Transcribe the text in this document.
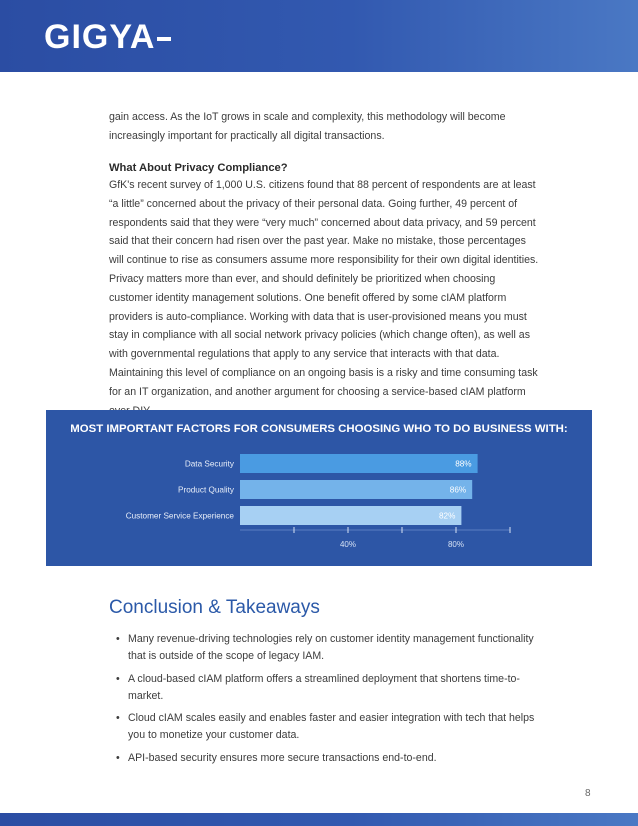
GIGYA
gain access. As the IoT grows in scale and complexity, this methodology will become increasingly important for practically all digital transactions.
What About Privacy Compliance?
GfK's recent survey of 1,000 U.S. citizens found that 88 percent of respondents are at least “a little” concerned about the privacy of their personal data. Going further, 49 percent of respondents said that they were “very much” concerned about data privacy, and 59 percent said that their concern had risen over the past year. Make no mistake, those percentages will continue to rise as consumers assume more responsibility for their own digital identities. Privacy matters more than ever, and should definitely be prioritized when choosing customer identity management solutions. One benefit offered by some cIAM platform providers is auto-compliance. Working with data that is user-provisioned means you must stay in compliance with all social network privacy policies (which change often), as well as with governmental regulations that apply to any service that interacts with that data. Maintaining this level of compliance on an ongoing basis is a risky and time consuming task for an IT organization, and another argument for choosing a service-based cIAM platform
MOST IMPORTANT FACTORS FOR CONSUMERS CHOOSING WHO TO DO BUSINESS WITH:
40%	80%
Data Security	88%
Product Quality	86%
Customer Service Experience	82%
Conclusion & Takeaways
• Many revenue-driving technologies rely on customer identity management functionality that is outside of the scope of legacy IAM.
• A cloud-based cIAM platform offers a streamlined deployment that shortens time-to-market.
• Cloud cIAM scales easily and enables faster and easier integration with tech that helps you to monetize your customer data.
• API-based security ensures more secure transactions end-to-end.
8
